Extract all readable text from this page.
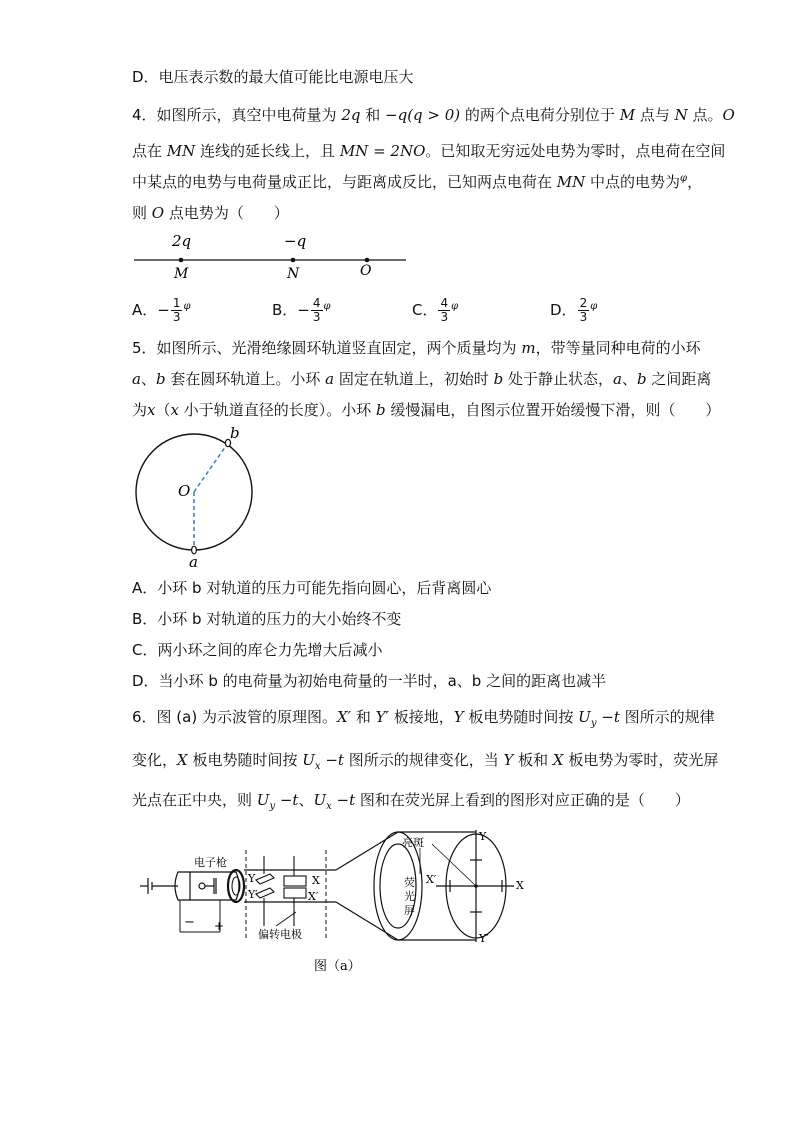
D．电压表示数的最大值可能比电源电压大
4．如图所示，真空中电荷量为 2q 和 −q(q > 0) 的两个点电荷分别位于 M 点与 N 点。O
点在 MN 连线的延长线上，且 MN = 2NO。已知取无穷远处电势为零时，点电荷在空间
中某点的电势与电荷量成正比，与距离成反比，已知两点电荷在 MN 中点的电势为$^\varphi$，
则 O 点电势为（　　）
2q	−q
M	N	O
A．− $\frac{1}{3} ^\varphi$	B．− $\frac{4}{3} ^\varphi$	C． $\frac{4}{3} ^\varphi$	D． $\frac{2}{3} ^\varphi$
5．如图所示、光滑绝缘圆环轨道竖直固定，两个质量均为 m，带等量同种电荷的小环
a、b 套在圆环轨道上。小环 a 固定在轨道上，初始时 b 处于静止状态，a、b 之间距离
为x（x 小于轨道直径的长度）。小环 b 缓慢漏电，自图示位置开始缓慢下滑，则（　　）
b
O
a
A．小环 b 对轨道的压力可能先指向圆心，后背离圆心
B．小环 b 对轨道的压力的大小始终不变
C．两小环之间的库仑力先增大后减小
D．当小环 b 的电荷量为初始电荷量的一半时，a、b 之间的距离也减半
6．图 (a) 为示波管的原理图。X′ 和 Y′ 板接地，Y 板电势随时间按 $U_y -t$ 图所示的规律
变化，X 板电势随时间按 $U_x -t$ 图所示的规律变化，当 Y 板和 X 板电势为零时，荧光屏
光点在正中央，则 $U_y -t$、$U_x -t$ 图和在荧光屏上看到的图形对应正确的是（　　）
电子枪
− +
Y
Y′
X
X′
偏转电极
亮斑
荧
光
屏
Y
Y′
X
X′
图（a）
